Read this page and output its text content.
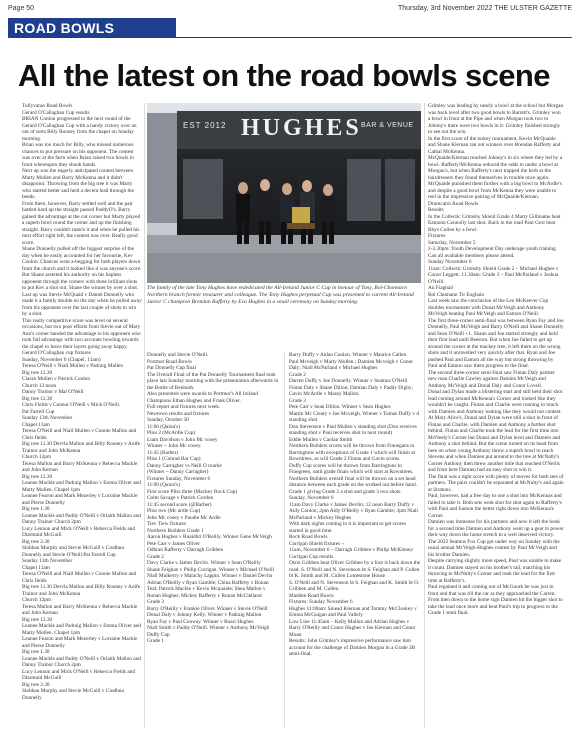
Page 50	Thursday, 3rd November 2022 THE ULSTER GAZETTE
ROAD BOWLS
All the latest on the road bowls scene

Tullyvaran Road Bowls

Gerard O'Callaghan Cup results

BRIAN Conlon progressed to the next round of the Gerard O'Callaghan Cup with a handy victory over an out of sorts Billy Rooney from the chapel on Sunday morning.

Brian was too much for Billy, who missed numerous chances to put pressure on his opponent. The contest was over at the farm when Brian raised two bowls in front whereupon they shook hands.

Next up was the eagerly anticipated contest between Marty Mullen and Barry McKenna and it didn't disappoint. Throwing from the big tree it was Marty who started better and held a decent lead through the bends.

From there, however, Barry settled well and the pair battled hard up the straight passed PaddyO's. Barry gained the advantage at the cut corner but Marty played a superb bowl round the corner and up the finishing straight. Barry couldn't match it and when he pulled his next effort right left, the contest was over. Really good score.

Shane Donnelly pulled off the biggest surprise of the day when he easily accounted for her favourite, Kev Conlon. Chances went a-begging for both players down from the church and it looked like it was anyone's score.

But Shane asserted his authority on his hapless opponent through the corners with three brilliant shots to put Kev a shot out. Shane the winner by over a shot.

Last up was Stevie McQuaid v Daniel Donnelly who made it a family double on the day when he pulled away from his opponent over the last couple of shots to win by a shot.

This really competitive score was level on several occasions, but two poor efforts from Stevie out of Mary Ann's corner handed the advantage to his opponent who took full advantage with two accurate bowling towards the chapel to leave their layers going away happy.

Gerard O'Callaghan cup fixtures

Sunday, November 6 (Chapel, 11am)

Teresa O'Neill v Niall Mullen v Padraig Mullen

Big tree 12.30

Ciaran Mullen v Patrick Conlon

Church 12 noon

Danny Trainor v Mal O'Neill

Big tree 12.30

Chris Fields v Connor O'Neill v Mick O'Neill.

Pat Farrell Cup

Sunday 13th November

Chapel 11am

Teresa O'Neill and Niall Mullen v Connie Mallon and Chris fields

Big tree 11.30 Dervla Mallon and Billy Rooney v Aoife Trainor and John McKenna

Church 12pm

Teresa Mallon and Barry McKenna v Rebecca Mackle and John Kernan

Big tree 12.30

Leanne Mackle and Padraig Mallon v Emma Oliver and Marty Mullen. Chapel 1pm

Leanne Fearon and Mark Mezerley v Lorraine Mackle and Pierse Donnelly

Big tree 1.30

Leanne Mackle and Paddy O'Neill v Orlaith Mallon and Danny Trainor Church 2pm

Lucy Lennon and Mick O'Neill v Rebecca Fields and Diarmuid McGuill

Big tree 2.30

Siobhan Murphy and Stevie McGuill v Ciodhna Donnelly and Stevie O'Neill.Pat Farrell Cup

Sunday 13th November

Chapel 11am

Teresa O'Neill and Niall Mullen v Connie Mallon and Chris fields

Big tree 11.30 Dervla Mallon and Billy Rooney v Aoife Trainor and John McKenna

Church 12pm

Teresa Mallon and Barry McKenna v Rebecca Mackle and John Kernan

Big tree 12.30

Leanne Mackle and Padraig Mallon v Emma Oliver and Marty Mullen. Chapel 1pm

Leanne Fearon and Mark Mezerley v Lorraine Mackle and Pierse Donnelly

Big tree 1.30

Leanne Mackle and Paddy O'Neill v Orlaith Mallon and Danny Trainor Church 2pm

Lucy Lennon and Mick O'Neill v Rebecca Fields and Diarmuid McGuill

Big tree 2.30

Siobhan Murphy and Stevie McGuill v Ciodhna Donnelly

EST 2012 HUGHES BAR & VENUE
The family of the late Tony Hughes have rededicated the All-Ireland Junior C Cup in honour of Tony, Bol-Chonnacn Northern branch former treasurer and colleague. The Tony Hughes perpetual Cup was presented to current All-Ireland Junior C champion Brendan Rafferty by Eva Hughes in a small ceremony on Sunday morning.

Donnelly and Stevie O'Neill.

Portmor Road Bowls

Pat Donnelly Cup final

The Overall Final of the Pat Donnelly Tournament final took place last Sunday morning with the presentation afterwards in the Bottle of Benburb.

Also presented were awards to Portmor's All Ireland Champions Ethan Hughes and Frank Oliver.

Full report and fixtures next week.

Newtown results and fixtures

Sunday, October 30

11:00 (Quinn's)

Pliss 2 (McArdle Cup)

Liam Davidson v John Mc cooey

Winner ~ John Mc cooey.

11:45 (Barber)

Pliss 1 (Conrad Bar Cup)

Danny Carragher vs Neill O rourke

(Winner ~ Danny Carragher)

Fixtures Sunday, November 6

11:00 (Quinn's)

First score Pliss three (Mackey Rock Cup)

Colm Savage v Patrick Gordon

11:45 second score (@Barber)

Pliss two (Mc ardle Cup)

John Mc cooey v Paudie Mc Ardle

Tiev Tiew fixtures

Northern Builders Grade 1

Aaron Hughes v Ruaidhri O'Reilly. Winner Gene McVeigh

Pete Carr v James Oliver

Odhran Rafferty v Darragh Gribben

Grade 2

Davy Clarke v James Devlin. Winner v Sean O'Reilly

Shane Feighan v Philip Corrigan. Winner v Michael O'Neill

Niall Mulkerry v Malachy Lappin. Winner v Daniel Devlin

Adrian O'Reilly v Ryan Gamble; China Rafferty v Ronan Teal; Patrick Mackle v Kevin Mcquaide; Shea Mallon v Ronan Hughes; Mickey Rafferty v Ronan McClelland

Grade 3

Barry O'Reilly v Frankie Oliver. Winner v Stevie O'Neill

Donal Daly v Johnny Kelly. Winner v Padraig Mallon

Ryan Fay v Paul Conway. Winner v Ruari Hughes

Niall Smith v Paddy O'Neill. Winner v Anthony McVeigh

Duffy Cup

Grade 1

Barry Duffy v Aidan Conlon. Winner v Maurice Callen

Paul Mcveigh v Marty Mullen ; Damien Mcveigh v Conor Daly; Niall McParland v Michael Hughes

Grade 2

Darren Duffy v Joe Donnelly. Winner v Seamus O'Neill

Fintan Daly v Shane Dillon; Damian Daly v Paddy Digby; Gavin McArdle v Massy Mallon.

Grade 3

Pete Carr v Sean Dillon. Winner v Sean Hughes

Martin Mc Creaty v Joe Mcveigh. Winner v Tomas Duffy v d standing shot

Don Stevenson v Paul Mullen v standing shot (Don receives standing shot v Paul receives shot in next round)

Eddie Mullen v Caolan Smith

Northern Builders scores will be thrown from Finnegans to Barringtons with exceptions of Grade 1 which will finish at Rowntrees, as will Grade 2 Fintan and Gavin scores.

Duffy Cup scores will be thrown from Barringtons to Finegreen, until grade finals which will start at Rowntrees.

Northern Builders overall final will be thrown on a set head distance between each grade on the worked out before hand. Grade 1 giving Grade 2 a shot and grade 3 two shots.

Sunday, November 6

11am Davy Clarke v James Devlin; 12 noon Barry Duffy v Aidy Conlon; 2pm Aidy O'Reilly v Ryan Gamble; 3pm Niall McParland v Mickey Hughes

With dark nights coming in it is important to get scores started in good time.

Rock Road Bowls

Corrigan Shield fixtures ~

11am, November 6 ~ Darragh Gribben v Philip McKinney

Corrigan Cup results

Oisin Gribben beat Oliver Gribben by a foot is back down the road. S. O'Neill and N. Stevenson bt S. Feighan and P. Cullen bt K. Smith and M. Cullen Lomestone House

S. O'Neill and N. Stevenson bt S. Feighan and K. Smith bt O. Gribben and M. Cullen.

Madden Road Bowls

Fixtures: Sunday November 6

Hughes 11:00am: Sinead Kiernan and Tommy McCloskey v Emma McGuigan and Paul Vallely

Low Line 11:45am – Kelly Mallon and Adrian Hughes v Barry O'Reilly and Conor Hughes v Joe Kiernan and Conor Moan

Results: John Grimley's impressive performance saw him account for the challenge of Damien Morgan in a Grade 3B semi-final.

Grimley was leading by nearly a bowl at the school but Morgan was back level after two good bowls to Barrett's. Grimley won a bowl in front at the Pipe and when Morgan took two to Johnny's there were two bowls in it: Grimley finished strongly to see out the win.

In the first score of the turkey tournament, Kevin McQuaide and Shane Kiernan ran out winners over Brendan Rafferty and Cathal McKenna.

McQuaide/Kiernan reached Johnny's in six where they led by a bowl. Rafferty/McKenna reduced the odds to under a bowl at Morgan's, but when Rafferty's next trapped the kerb at the hairdressers they found themselves in trouble once again.

McQuaide punished them further with a big bowl to McArdle's and despite a good bowl from McKenna they were unable to reel in the impressive pairing of McQuaide/Kiernan.

Drumcairn Road Bowls

Results

In the Collectic Grimsby Shield Grade 4 Marty Gilliname beat Eamonn Connolly last shot. Back in the road Paul Gorr beat Rhys Cullen by a bowl.

Fixtures

Saturday, November 5

2-3.30pm: Youth Development Day underage youth training. Can all available members please attend.

Sunday November 6

11am: Collectic Grimsby Shield Grade 2 – Michael Hughes v Conor Leggett. 11.30am: Grade 3 – Paul McParland v Joshua O'Neill.

An Fiaghail

Bol Chumann Tir Eoghain

Last week saw the conclusion of the Leo McKeever Cup doubles tournament with Donal McVeigh and Anthony McVeigh beating Paul McVeigh and Eamon O'Neill.

The first three-corner semi-final was between Ryan Fay and Joe Donnelly, Paul McVeigh and Barry O'Neill and Shane Donnelly and Sean O'Neill +1. Shaun and Joe started strongly and held their first lead until Beeston. But when Joe failed to get up around the corner at the mackey tree, it left them on the wrong shots and it unravelled very quickly after that. Ryan and Joe pushed Paul and Eamon all the way but strong throwing by Paul and Eamon saw them progress to the final.

The second three-corner semi-final saw Fintan Daly partner new man Charlie Cawley against Damien McVeigh and Anthony McVeigh and Donal Daly and Conor Lovell.

Donal and Dylan made a blistering start and still held their shot lead coming around McKenna's Corner and looked like they wouldn't be caught. Fintan and Charlie were running to touch with Damien and Anthony looking like they would not contest.

At Mary Alice's, Donal and Dylan were still a shot in front of Fintan and Charlie, with Damien and Anthony a further shot behind. Fintan and Charlie took the lead for the first time into McNeely's Corner but Donal and Dylan level and Damien and Anthony a shot behind. But the scene turned on its head from here on when young Anthony threw a superb bowl to reach Stevens and when Damien put around to the tree at McNally's Corner Anthony then threw another mile that reached O'Neills and from here Damien had an easy shot to win it.

The final was a tight score with plenty of moves for both sets of partners. The pairs couldn't be separated at McNulty's and again at Stratons.

Paul, however, had a free day to one a shot into McKennas and failed to take it. Both sets went shot for shot again to Rafferty's with Paul and Eamon the better right down into McKenna's Corner.

Damien was immense for his partners and now it left the hook for a second time Damien and Anthony went up a gear to power their way down the home stretch to a well deserved victory.

The 2022 Seamus Fox Cup got under way on Sunday with the usual annual McVeigh-Hughes contest by Paul McVeigh and his brother Damien.

Despite carrying slightly more speed, Paul was unable to make it count. Damien stayed on his brother's tail, matching his throwing to McNulty's Corner and took the lead for the first time at Rafferty's.

Paul regained it and coming out of McGourk he was just in front and that was till the car as they approached the Carren. From then down to the home sign Damien hit the bigger shot to take the lead once more and beat Paul's trip to progress to the Grade 1 semi final.
